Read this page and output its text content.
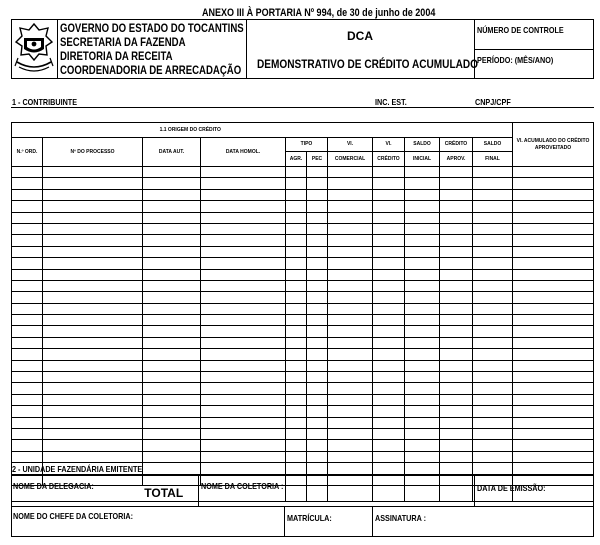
ANEXO III À PORTARIA Nº 994, de 30 de junho de 2004
GOVERNO DO ESTADO DO TOCANTINS
SECRETARIA DA FAZENDA
DIRETORIA DA RECEITA
COORDENADORIA DE ARRECADAÇÃO
DCA
DEMONSTRATIVO DE CRÉDITO ACUMULADO
NÚMERO DE CONTROLE
PERÍODO: (MÊS/ANO)
1 - CONTRIBUINTE	INC. EST.	CNPJ/CPF
1.1 ORIGEM DO CRÉDITO											Vl. ACUMULADO DO CRÉDITO APROVEITADO
N.º ORD.	Nº DO PROCESSO	DATA AUT.	DATA HOMOL.	TIPO		Vl.	Vl.	SALDO	CRÉDITO	SALDO	
				AGR.	PEC	COMERCIAL	CRÉDITO	INICIAL	APROV.	FINAL	

	TOTAL										
2 - UNIDADE FAZENDÁRIA EMITENTE
NOME DA DELEGACIA:	NOME DA COLETORIA :	DATA DE EMISSÃO:
NOME DO CHEFE DA COLETORIA:	MATRÍCULA:	ASSINATURA :
